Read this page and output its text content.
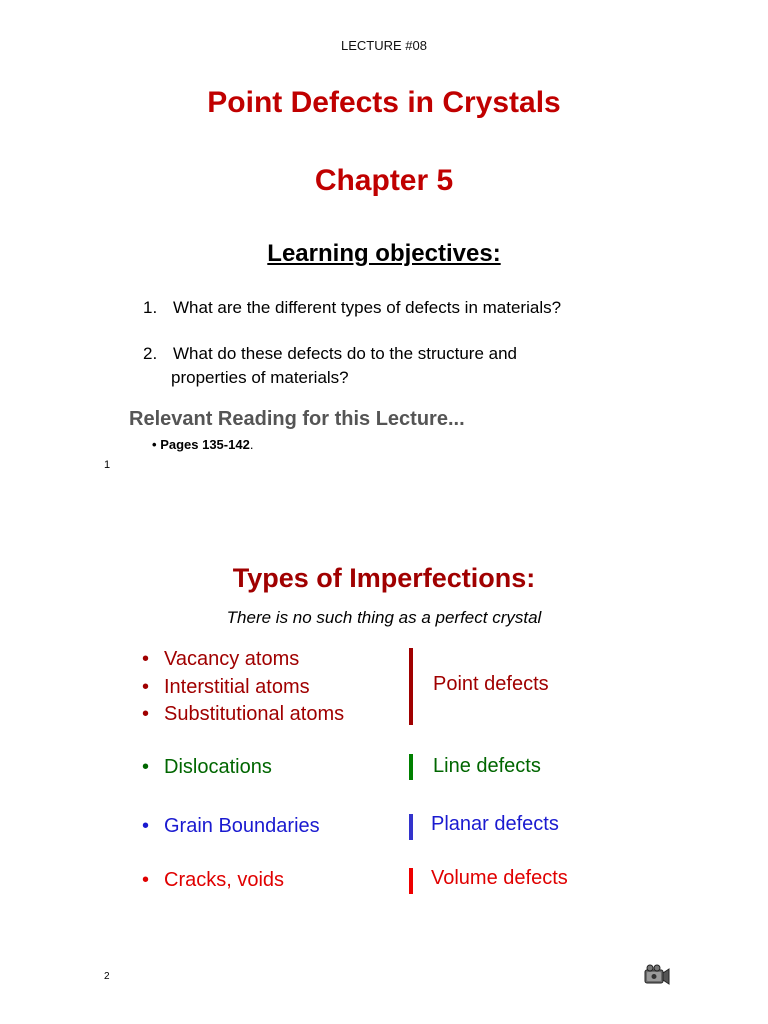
LECTURE #08
Point Defects in Crystals
Chapter 5
Learning objectives:
1. What are the different types of defects in materials?
2. What do these defects do to the structure and
properties of materials?
Relevant Reading for this Lecture...
• Pages 135-142.
1
Types of Imperfections:
There is no such thing as a perfect crystal
• Vacancy atoms
• Interstitial atoms
• Substitutional atoms
Point defects
• Dislocations	Line defects
• Grain Boundaries	Planar defects
• Cracks, voids	Volume defects
2
